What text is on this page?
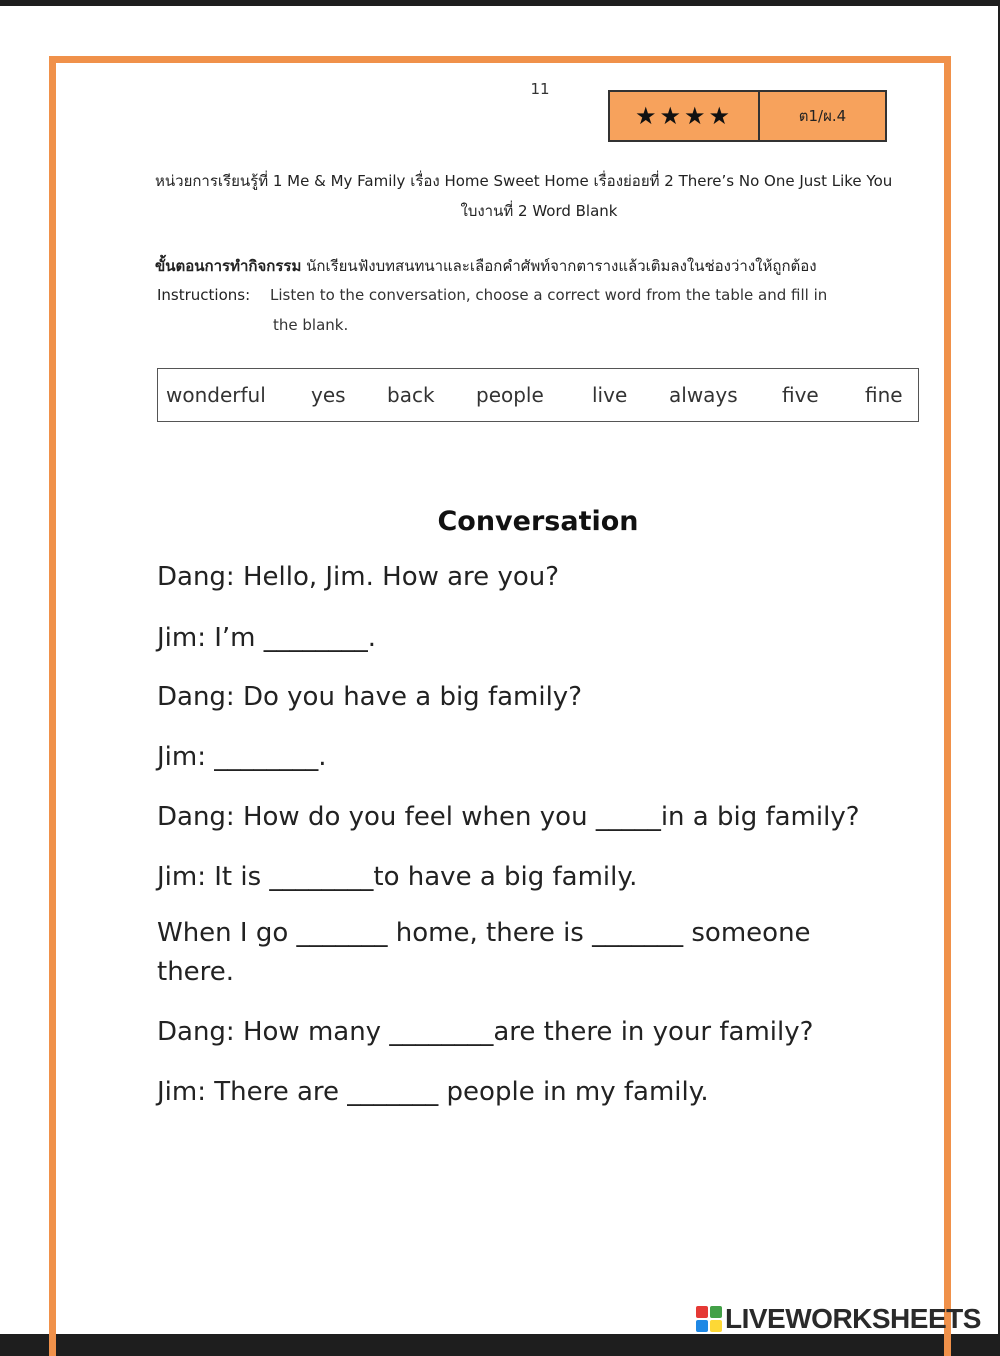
11
★★★★	ต1/ผ.4
หน่วยการเรียนรู้ที่ 1 Me & My Family เรื่อง Home Sweet Home เรื่องย่อยที่ 2 There’s No One Just Like You
ใบงานที่ 2 Word Blank
ขั้นตอนการทำกิจกรรม นักเรียนฟังบทสนทนาและเลือกคำศัพท์จากตารางแล้วเติมลงในช่องว่างให้ถูกต้อง
Instructions: Listen to the conversation, choose a correct word from the table and fill in
the blank.
wonderful yes back people live always five fine
Conversation
Dang: Hello, Jim. How are you?
Jim: I’m ________.
Dang: Do you have a big family?
Jim: ________.
Dang: How do you feel when you _____in a big family?
Jim: It is ________to have a big family.
When I go _______ home, there is _______ someone
there.
Dang: How many ________are there in your family?
Jim: There are _______ people in my family.
LIVEWORKSHEETS
